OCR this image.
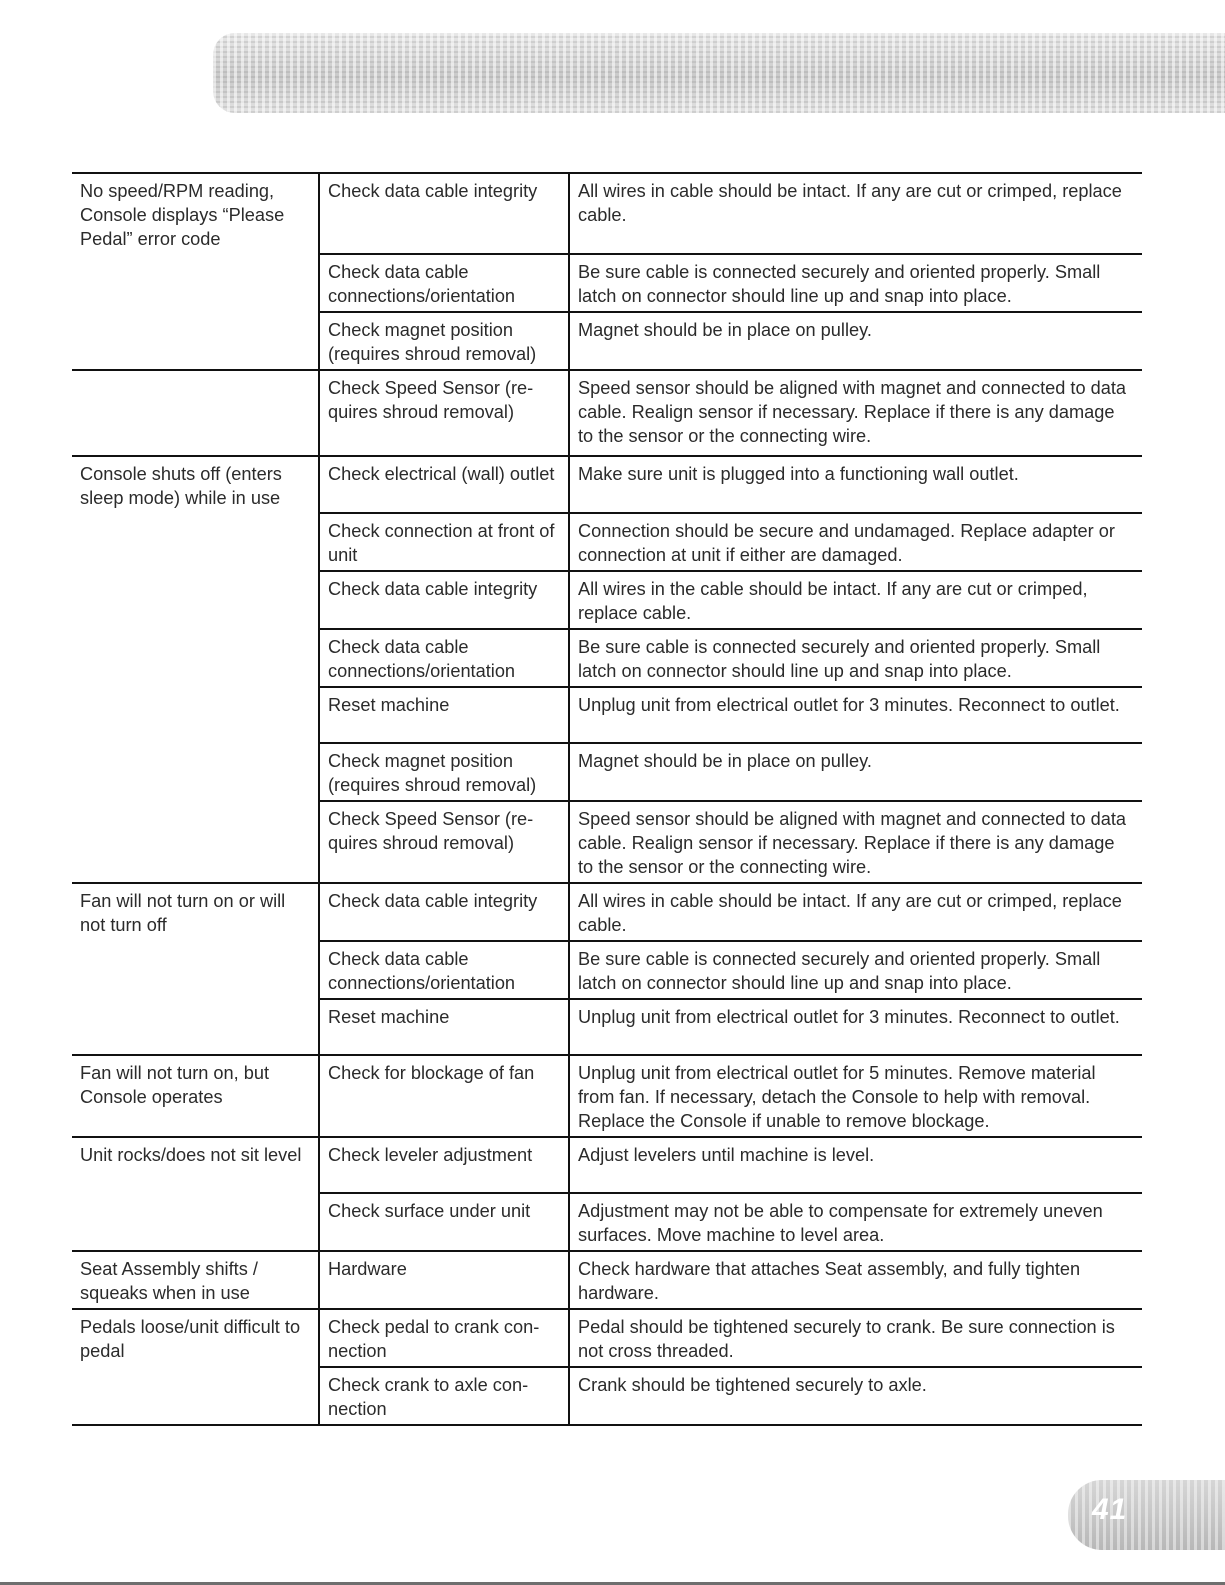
No speed/RPM reading, Console displays “Please Pedal” error code	Check data cable integrity	All wires in cable should be intact. If any are cut or crimped, replace cable.
	Check data cable connections/orientation	Be sure cable is connected securely and oriented properly. Small latch on connector should line up and snap into place.
	Check magnet position (requires shroud removal)	Magnet should be in place on pulley.
	Check Speed Sensor (re-quires shroud removal)	Speed sensor should be aligned with magnet and connected to data cable. Realign sensor if necessary. Replace if there is any damage to the sensor or the connecting wire.
Console shuts off (enters sleep mode) while in use	Check electrical (wall) outlet	Make sure unit is plugged into a functioning wall outlet.
	Check connection at front of unit	Connection should be secure and undamaged. Replace adapter or connection at unit if either are damaged.
	Check data cable integrity	All wires in the cable should be intact. If any are cut or crimped, replace cable.
	Check data cable connections/orientation	Be sure cable is connected securely and oriented properly. Small latch on connector should line up and snap into place.
	Reset machine	Unplug unit from electrical outlet for 3 minutes. Reconnect to outlet.
	Check magnet position (requires shroud removal)	Magnet should be in place on pulley.
	Check Speed Sensor (re-quires shroud removal)	Speed sensor should be aligned with magnet and connected to data cable. Realign sensor if necessary. Replace if there is any damage to the sensor or the connecting wire.
Fan will not turn on or will not turn off	Check data cable integrity	All wires in cable should be intact. If any are cut or crimped, replace cable.
	Check data cable connections/orientation	Be sure cable is connected securely and oriented properly. Small latch on connector should line up and snap into place.
	Reset machine	Unplug unit from electrical outlet for 3 minutes. Reconnect to outlet.
Fan will not turn on, but Console operates	Check for blockage of fan	Unplug unit from electrical outlet for 5 minutes. Remove material from fan. If necessary, detach the Console to help with removal. Replace the Console if unable to remove blockage.
Unit rocks/does not sit level	Check leveler adjustment	Adjust levelers until machine is level.
	Check surface under unit	Adjustment may not be able to compensate for extremely uneven surfaces. Move machine to level area.
Seat Assembly shifts / squeaks when in use	Hardware	Check hardware that attaches Seat assembly, and fully tighten hardware.
Pedals loose/unit difficult to pedal	Check pedal to crank con-nection	Pedal should be tightened securely to crank. Be sure connection is not cross threaded.
	Check crank to axle con-nection	Crank should be tightened securely to axle.
41
